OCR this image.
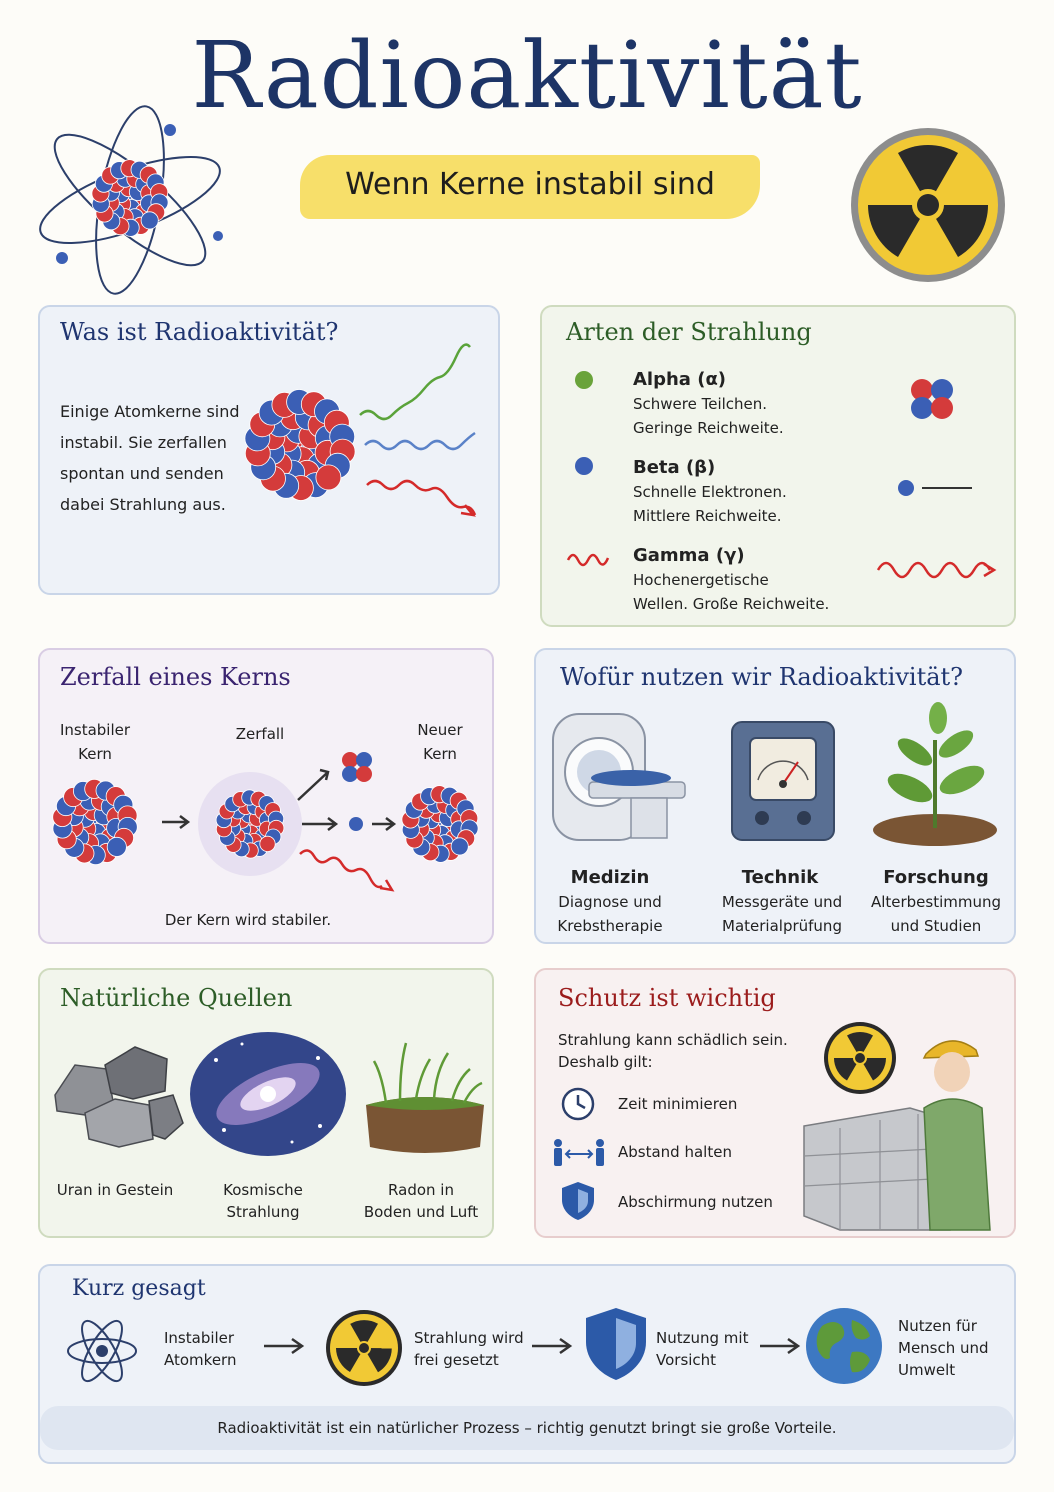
Radioaktivität
Wenn Kerne instabil sind
Was ist Radioaktivität?
Einige Atomkerne sind
instabil. Sie zerfallen
spontan und senden
dabei Strahlung aus.
Arten der Strahlung
Alpha (α)
Schwere Teilchen.
Geringe Reichweite.
Beta (β)
Schnelle Elektronen.
Mittlere Reichweite.
Gamma (γ)
Hochenergetische
Wellen. Große Reichweite.
Zerfall eines Kerns
Instabiler
Kern
Zerfall	Neuer
Kern
Der Kern wird stabiler.
Wofür nutzen wir Radioaktivität?
Medizin
Diagnose und
Krebstherapie
Technik
Messgeräte und
Materialprüfung
Forschung
Alterbestimmung
und Studien
Natürliche Quellen
Uran in Gestein	Kosmische
Strahlung
Radon in
Boden und Luft
Schutz ist wichtig
Strahlung kann schädlich sein.
Deshalb gilt:
Zeit minimieren
Abstand halten
Abschirmung nutzen
Kurz gesagt
Instabiler
Atomkern
Strahlung wird
frei gesetzt
Nutzung mit
Vorsicht
Nutzen für
Mensch und
Umwelt
Radioaktivität ist ein natürlicher Prozess – richtig genutzt bringt sie große Vorteile.
